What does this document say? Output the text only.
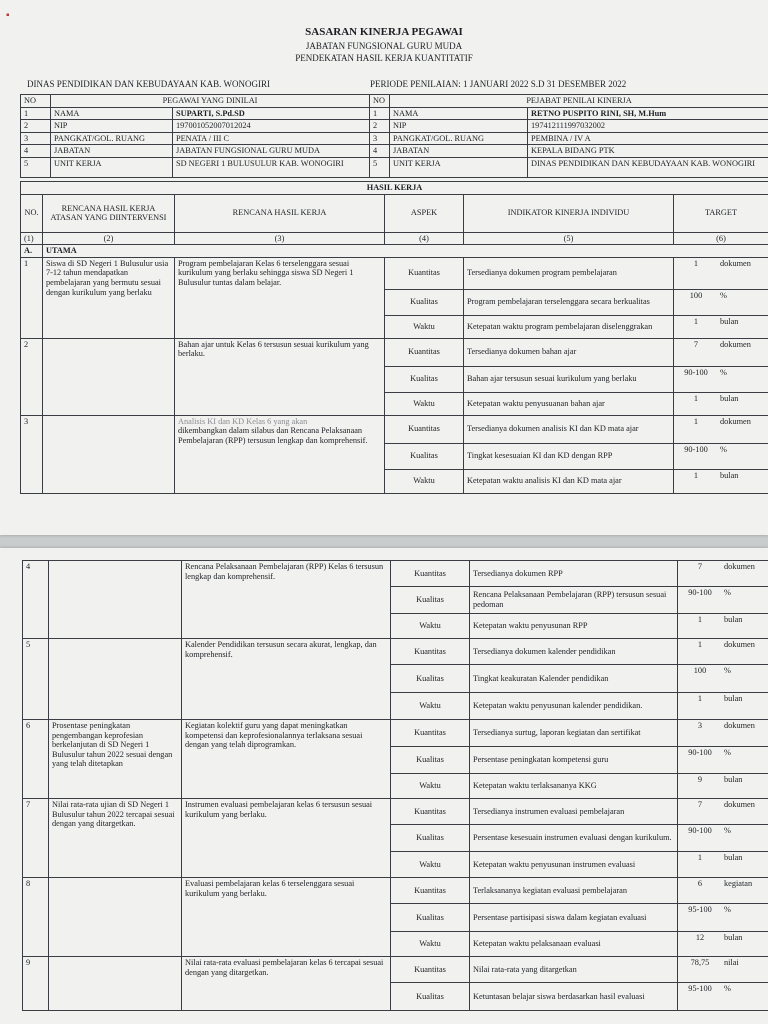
▪
SASARAN KINERJA PEGAWAI
JABATAN FUNGSIONAL GURU MUDA
PENDEKATAN HASIL KERJA KUANTITATIF
DINAS PENDIDIKAN DAN KEBUDAYAAN KAB. WONOGIRI	PERIODE PENILAIAN: 1 JANUARI 2022 S.D 31 DESEMBER 2022
NO	PEGAWAI YANG DINILAI		NO	PEJABAT PENILAI KINERJA	
1	NAMA	SUPARTI, S.Pd.SD	1	NAMA	RETNO PUSPITO RINI, SH, M.Hum
2	NIP	197001052007012024	2	NIP	197412111997032002
3	PANGKAT/GOL. RUANG	PENATA / III C	3	PANGKAT/GOL. RUANG	PEMBINA / IV A
4	JABATAN	JABATAN FUNGSIONAL GURU MUDA	4	JABATAN	KEPALA BIDANG PTK
5	UNIT KERJA	SD NEGERI 1 BULUSULUR KAB. WONOGIRI	5	UNIT KERJA	DINAS PENDIDIKAN DAN KEBUDAYAAN KAB. WONOGIRI
HASIL KERJA					
NO.	RENCANA HASIL KERJA ATASAN YANG DIINTERVENSI	RENCANA HASIL KERJA	ASPEK	INDIKATOR KINERJA INDIVIDU	TARGET
(1)	(2)	(3)	(4)	(5)	(6)
A.	UTAMA				
1	Siswa di SD Negeri 1 Bulusulur usia 7-12 tahun mendapatkan pembelajaran yang bermutu sesuai dengan kurikulum yang berlaku	Program pembelajaran Kelas 6 terselenggara sesuai kurikulum yang berlaku sehingga siswa SD Negeri 1 Bulusulur tuntas dalam belajar.	Kuantitas	Tersedianya dokumen program pembelajaran	1 dokumen

			Kualitas	Program pembelajaran terselenggara secara berkualitas	100 %

			Waktu	Ketepatan waktu program pembelajaran diselenggrakan	1 bulan

2		Bahan ajar untuk Kelas 6 tersusun sesuai kurikulum yang berlaku.	Kuantitas	Tersedianya dokumen bahan ajar	7 dokumen

			Kualitas	Bahan ajar tersusun sesuai kurikulum yang berlaku	90-100 %

			Waktu	Ketepatan waktu penyusuanan bahan ajar	1 bulan

3		Analisis KI dan KD Kelas 6 yang akan
dikembangkan dalam silabus dan Rencana Pelaksanaan Pembelajaran (RPP) tersusun lengkap dan komprehensif.	Kuantitas	Tersedianya dokumen analisis KI dan KD mata ajar	1 dokumen

			Kualitas	Tingkat kesesuaian KI dan KD dengan RPP	90-100 %

			Waktu	Ketepatan waktu analisis KI dan KD mata ajar	1 bulan
4		Rencana Pelaksanaan Pembelajaran (RPP) Kelas 6 tersusun lengkap dan komprehensif.	Kuantitas	Tersedianya dokumen RPP	7 dokumen

			Kualitas	Rencana Pelaksanaan Pembelajaran (RPP) tersusun sesuai pedoman	90-100 %

			Waktu	Ketepatan waktu penyusunan RPP	1 bulan

5		Kalender Pendidikan tersusun secara akurat, lengkap, dan komprehensif.	Kuantitas	Tersedianya dokumen kalender pendidikan	1 dokumen

			Kualitas	Tingkat keakuratan Kalender pendidikan	100 %

			Waktu	Ketepatan waktu penyusunan kalender pendidikan.	1 bulan

6	Prosentase peningkatan pengembangan keprofesian berkelanjutan di SD Negeri 1 Bulusulur tahun 2022 sesuai dengan yang telah ditetapkan	Kegiatan kolektif guru yang dapat meningkatkan kompetensi dan keprofesionalannya terlaksana sesuai dengan yang telah diprogramkan.	Kuantitas	Tersedianya surtug, laporan kegiatan dan sertifikat	3 dokumen

			Kualitas	Persentase peningkatan kompetensi guru	90-100 %

			Waktu	Ketepatan waktu terlaksananya KKG	9 bulan

7	Nilai rata-rata ujian di SD Negeri 1 Bulusulur tahun 2022 tercapai sesuai dengan yang ditargetkan.	Instrumen evaluasi pembelajaran kelas 6 tersusun sesuai kurikulum yang berlaku.	Kuantitas	Tersedianya instrumen evaluasi pembelajaran	7 dokumen

			Kualitas	Persentase kesesuain instrumen evaluasi dengan kurikulum.	90-100 %

			Waktu	Ketepatan waktu penyusunan instrumen evaluasi	1 bulan

8		Evaluasi pembelajaran kelas 6 terselenggara sesuai kurikulum yang berlaku.	Kuantitas	Terlaksananya kegiatan evaluasi pembelajaran	6 kegiatan

			Kualitas	Persentase partisipasi siswa dalam kegiatan evaluasi	95-100 %

			Waktu	Ketepatan waktu pelaksanaan evaluasi	12 bulan

9		Nilai rata-rata evaluasi pembelajaran kelas 6 tercapai sesuai dengan yang ditargetkan.	Kuantitas	Nilai rata-rata yang ditargetkan	78,75 nilai

			Kualitas	Ketuntasan belajar siswa berdasarkan hasil evaluasi	95-100 %
